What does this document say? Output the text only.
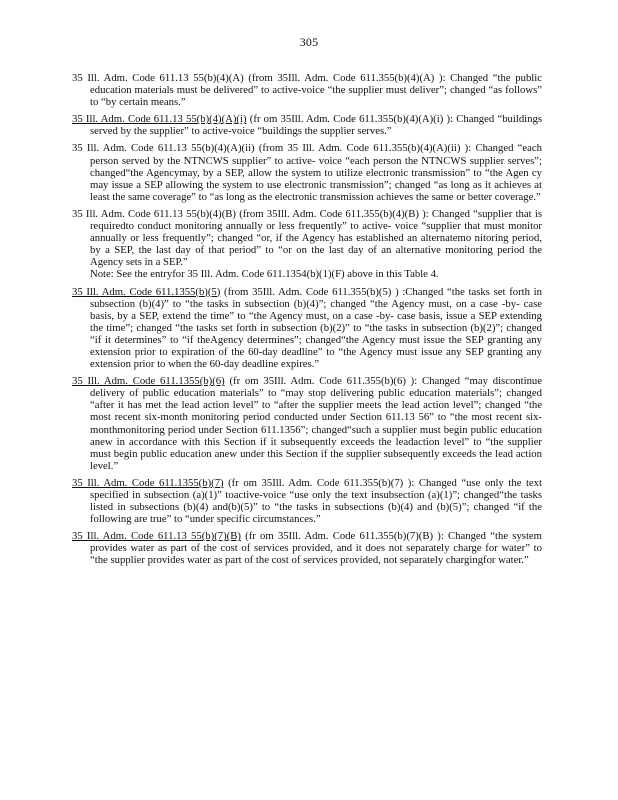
305

35 Ill. Adm. Code 611.13 55(b)(4)(A) (from 35Ill. Adm. Code 611.355(b)(4)(A) ): Changed “the public education materials must be delivered” to active-voice “the supplier must deliver”; changed “as follows” to “by certain means.”

35 Ill. Adm. Code 611.13 55(b)(4)(A)(i) (fr om 35Ill. Adm. Code 611.355(b)(4)(A)(i) ): Changed “buildings served by the supplier” to active-voice “buildings the supplier serves.”

35 Ill. Adm. Code 611.13 55(b)(4)(A)(ii) (from 35 Ill. Adm. Code 611.355(b)(4)(A)(ii) ): Changed “each person served by the NTNCWS supplier” to active- voice “each person the NTNCWS supplier serves”; changed“the Agencymay, by a SEP, allow the system to utilize electronic transmission” to “the Agen cy may issue a SEP allowing the system to use electronic transmission”; changed “as long as it achieves at least the same coverage” to “as long as the electronic transmission achieves the same or better coverage.”

35 Ill. Adm. Code 611.13 55(b)(4)(B) (from 35Ill. Adm. Code 611.355(b)(4)(B) ): Changed “supplier that is requiredto conduct monitoring annually or less frequently” to active- voice “supplier that must monitor annually or less frequently”; changed “or, if the Agency has established an alternatemo nitoring period, by a SEP, the last day of that period” to “or on the last day of an alternative monitoring period the Agency sets in a SEP.”
Note: See the entryfor 35 Ill. Adm. Code 611.1354(b)(1)(F) above in this Table 4.

35 Ill. Adm. Code 611.1355(b)(5) (from 35Ill. Adm. Code 611.355(b)(5) ) :Changed “the tasks set forth in subsection (b)(4)” to “the tasks in subsection (b)(4)”; changed “the Agency must, on a case -by- case basis, by a SEP, extend the time” to “the Agency must, on a case -by- case basis, issue a SEP extending the time”; changed “the tasks set forth in subsection (b)(2)” to “the tasks in subsection (b)(2)”; changed “if it determines” to “if theAgency determines”; changed“the Agency must issue the SEP granting any extension prior to expiration of the 60-day deadline” to “the Agency must issue any SEP granting any extension prior to when the 60-day deadline expires.”

35 Ill. Adm. Code 611.1355(b)(6) (fr om 35Ill. Adm. Code 611.355(b)(6) ): Changed “may discontinue delivery of public education materials” to “may stop delivering public education materials”; changed “after it has met the lead action level” to “after the supplier meets the lead action level”; changed “the most recent six-month monitoring period conducted under Section 611.13 56” to “the most recent six-monthmonitoring period under Section 611.1356”; changed“such a supplier must begin public education anew in accordance with this Section if it subsequently exceeds the leadaction level” to “the supplier must begin public education anew under this Section if the supplier subsequently exceeds the lead action level.”

35 Ill. Adm. Code 611.1355(b)(7) (fr om 35Ill. Adm. Code 611.355(b)(7) ): Changed “use only the text specified in subsection (a)(1)” toactive-voice “use only the text insubsection (a)(1)”; changed“the tasks listed in subsections (b)(4) and(b)(5)” to “the tasks in subsections (b)(4) and (b)(5)”; changed “if the following are true” to “under specific circumstances.”

35 Ill. Adm. Code 611.13 55(b)(7)(B) (fr om 35Ill. Adm. Code 611.355(b)(7)(B) ): Changed “the system provides water as part of the cost of services provided, and it does not separately charge for water” to “the supplier provides water as part of the cost of services provided, not separately chargingfor water.”
